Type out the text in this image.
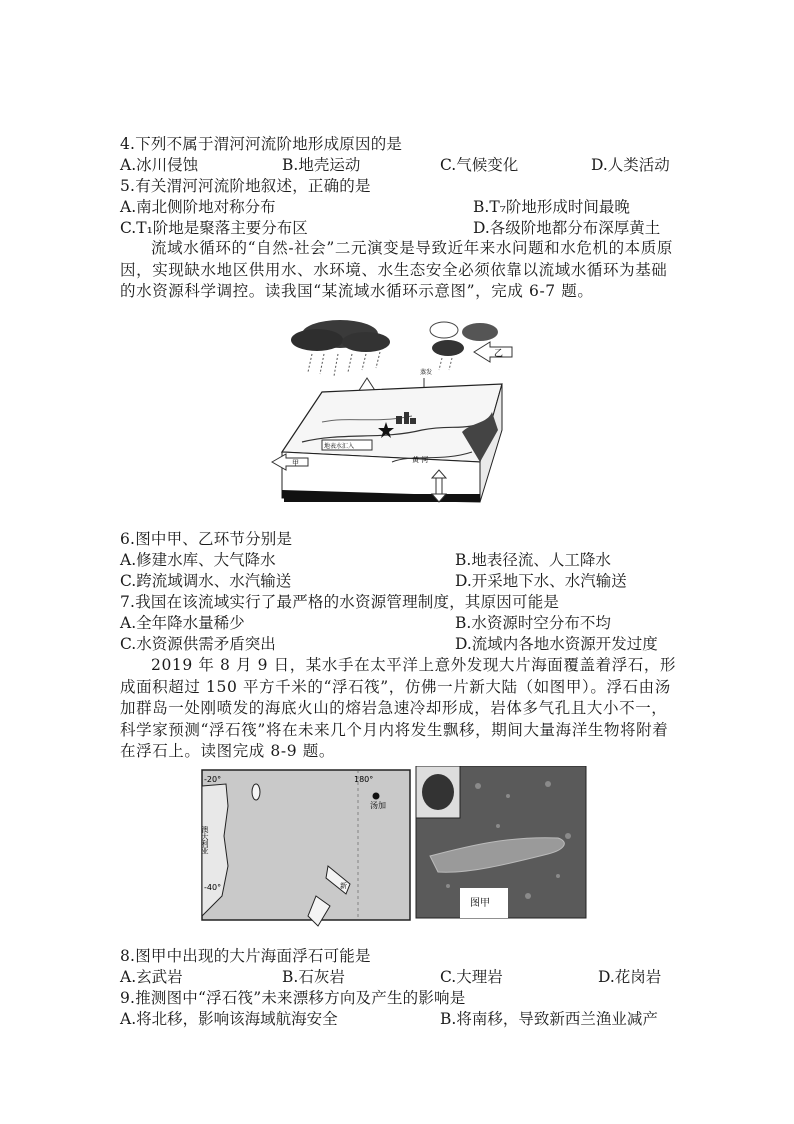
4.下列不属于渭河河流阶地形成原因的是
A.冰川侵蚀	B.地壳运动	C.气候变化	D.人类活动
5.有关渭河河流阶地叙述，正确的是
A.南北侧阶地对称分布	B.T₇阶地形成时间最晚
C.T₁阶地是聚落主要分布区	D.各级阶地都分布深厚黄土
流域水循环的“自然-社会”二元演变是导致近年来水问题和水危机的本质原因，实现缺水地区供用水、水环境、水生态安全必须依靠以流域水循环为基础的水资源科学调控。读我国“某流域水循环示意图”，完成 6-7 题。
乙
蒸发
地下水
黄 河
甲
地表水汇入
6.图中甲、乙环节分别是
A.修建水库、大气降水	B.地表径流、人工降水
C.跨流域调水、水汽输送	D.开采地下水、水汽输送
7.我国在该流域实行了最严格的水资源管理制度，其原因可能是
A.全年降水量稀少	B.水资源时空分布不均
C.水资源供需矛盾突出	D.流域内各地水资源开发过度
2019 年 8 月 9 日，某水手在太平洋上意外发现大片海面覆盖着浮石，形成面积超过 150 平方千米的“浮石筏”，仿佛一片新大陆（如图甲）。浮石由汤加群岛一处刚喷发的海底火山的熔岩急速冷却形成，岩体多气孔且大小不一，科学家预测“浮石筏”将在未来几个月内将发生飘移，期间大量海洋生物将附着在浮石上。读图完成 8-9 题。
-20°	180°
-40°
汤加
新
澳大利亚
图甲
8.图甲中出现的大片海面浮石可能是
A.玄武岩	B.石灰岩	C.大理岩	D.花岗岩
9.推测图中“浮石筏”未来漂移方向及产生的影响是
A.将北移，影响该海域航海安全	B.将南移，导致新西兰渔业减产
